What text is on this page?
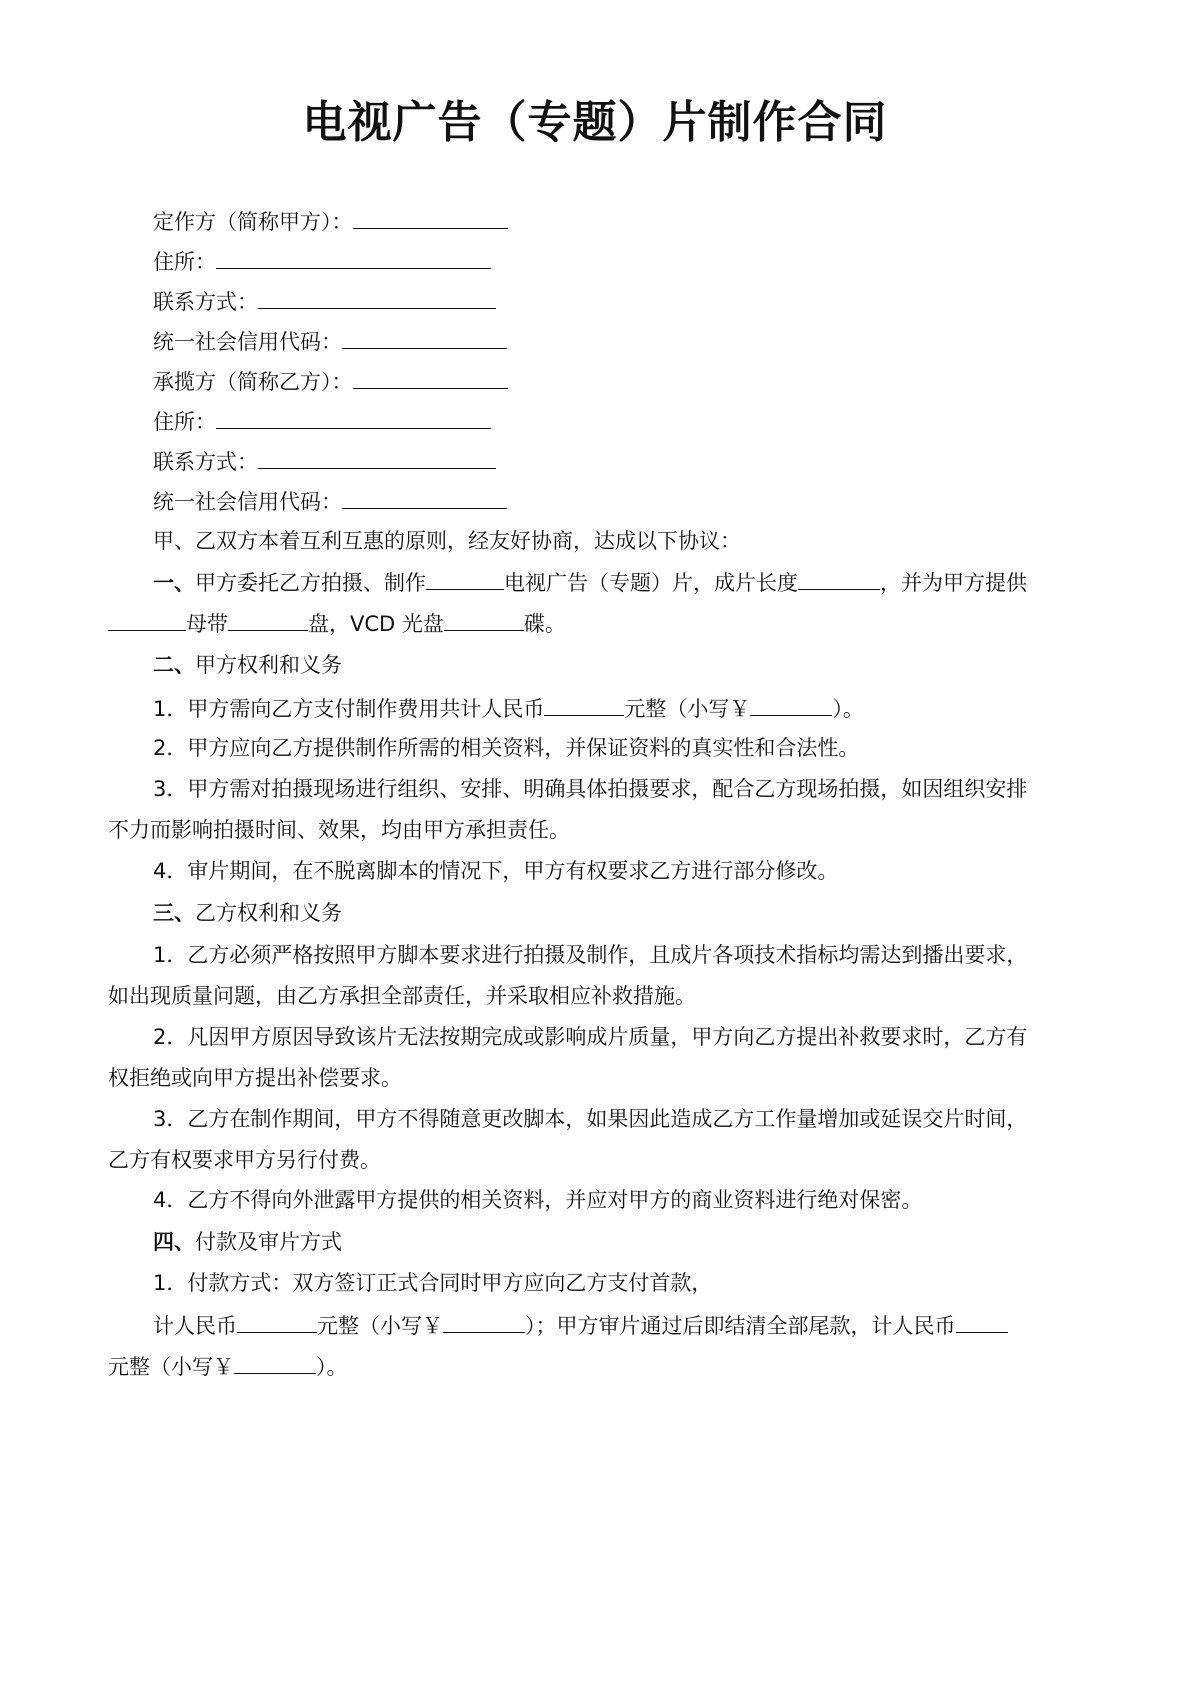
电视广告（专题）片制作合同
定作方（简称甲方）：
住所：
联系方式：
统一社会信用代码：
承揽方（简称乙方）：
住所：
联系方式：
统一社会信用代码：
甲、乙双方本着互利互惠的原则，经友好协商，达成以下协议：
一、甲方委托乙方拍摄、制作	电视广告（专题）片，成片长度	，并为甲方提供
母带	盘，VCD 光盘	碟。
二、甲方权利和义务
1．甲方需向乙方支付制作费用共计人民币	元整（小写￥	）。
2．甲方应向乙方提供制作所需的相关资料，并保证资料的真实性和合法性。
3．甲方需对拍摄现场进行组织、安排、明确具体拍摄要求，配合乙方现场拍摄，如因组织安排
不力而影响拍摄时间、效果，均由甲方承担责任。
4．审片期间，在不脱离脚本的情况下，甲方有权要求乙方进行部分修改。
三、乙方权利和义务
1．乙方必须严格按照甲方脚本要求进行拍摄及制作，且成片各项技术指标均需达到播出要求，
如出现质量问题，由乙方承担全部责任，并采取相应补救措施。
2．凡因甲方原因导致该片无法按期完成或影响成片质量，甲方向乙方提出补救要求时，乙方有
权拒绝或向甲方提出补偿要求。
3．乙方在制作期间，甲方不得随意更改脚本，如果因此造成乙方工作量增加或延误交片时间，
乙方有权要求甲方另行付费。
4．乙方不得向外泄露甲方提供的相关资料，并应对甲方的商业资料进行绝对保密。
四、付款及审片方式
1．付款方式：双方签订正式合同时甲方应向乙方支付首款，
计人民币	元整（小写￥	）；甲方审片通过后即结清全部尾款，计人民币
元整（小写￥	）。
